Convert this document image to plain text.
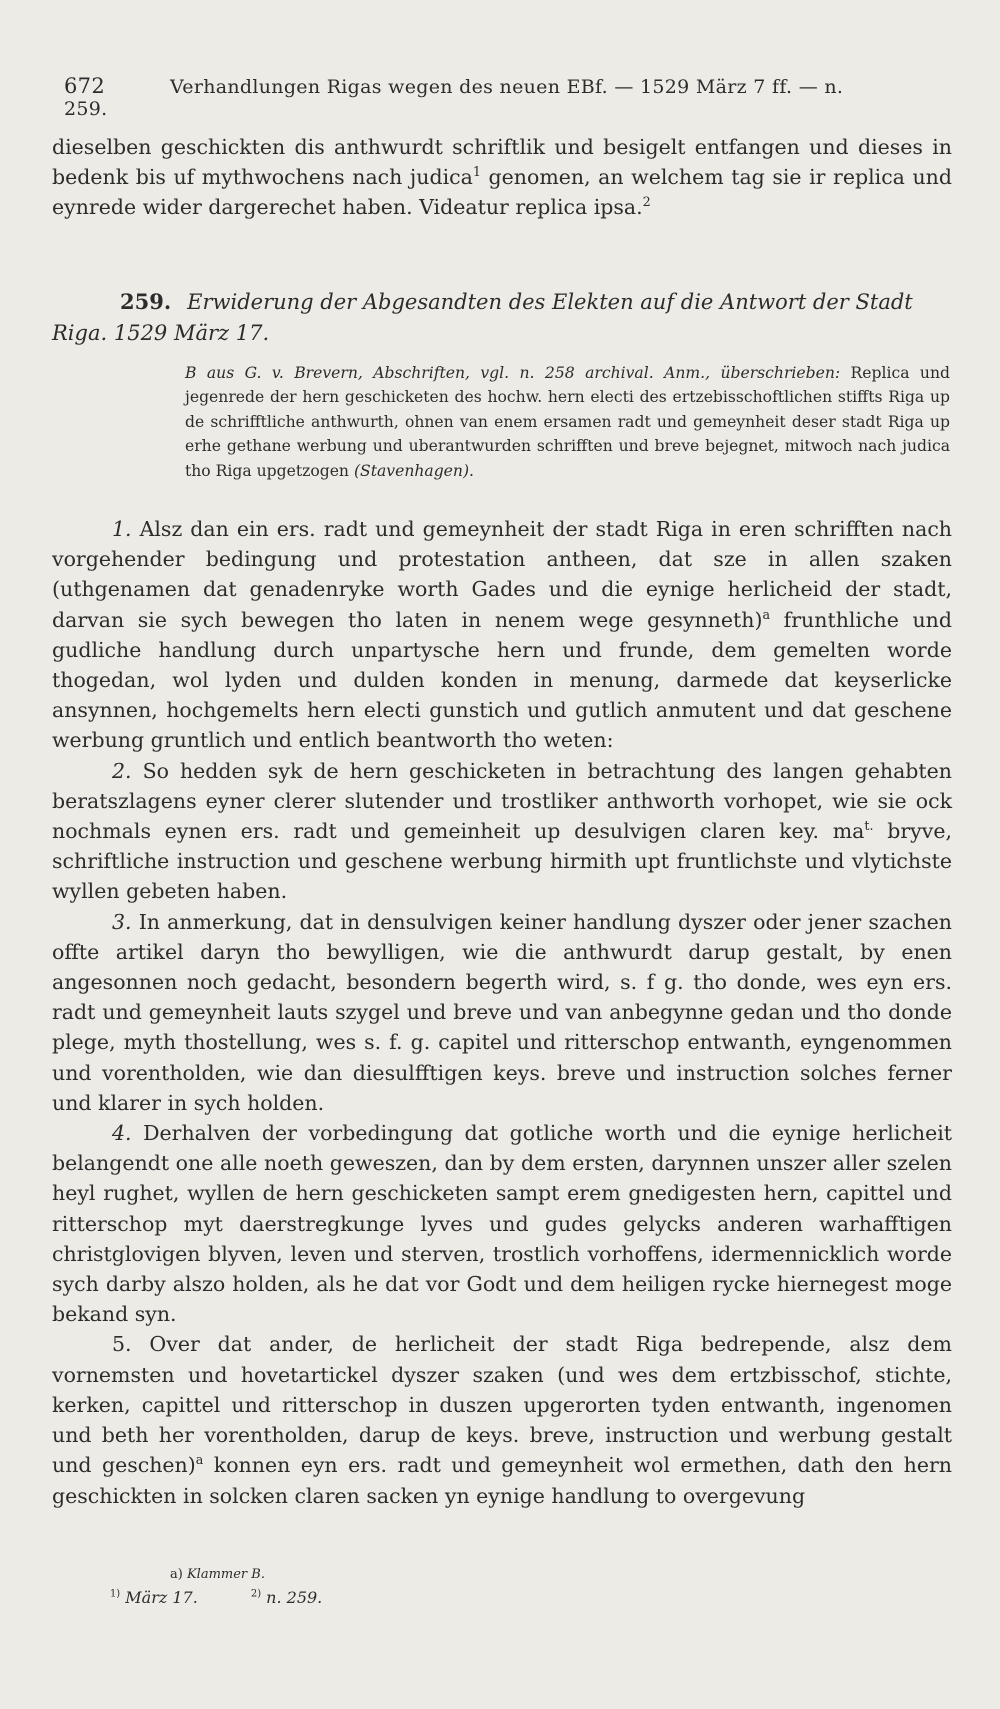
672	Verhandlungen Rigas wegen des neuen EBf. — 1529 März 7 ff. — n. 259.

dieselben geschickten dis anthwurdt schriftlik und besigelt entfangen und dieses in bedenk bis uf mythwochens nach judica$^1$ genomen, an welchem tag sie ir replica und eynrede wider dargerechet haben. Videatur replica ipsa.$^2$

259. Erwiderung der Abgesandten des Elekten auf die Antwort der Stadt Riga. 1529 März 17.

B aus G. v. Brevern, Abschriften, vgl. n. 258 archival. Anm., überschrieben: Replica und jegenrede der hern geschicketen des hochw. hern electi des ertzebisschoftlichen stiffts Riga up de schrifftliche anthwurth, ohnen van enem ersamen radt und gemeynheit deser stadt Riga up erhe gethane werbung und uberantwurden schrifften und breve bejegnet, mitwoch nach judica tho Riga upgetzogen (Stavenhagen).

1. Alsz dan ein ers. radt und gemeynheit der stadt Riga in eren schrifften nach vorgehender bedingung und protestation antheen, dat sze in allen szaken (uthgenamen dat genadenryke worth Gades und die eynige herlicheid der stadt, darvan sie sych bewegen tho laten in nenem wege gesynneth)$^a$ frunthliche und gudliche handlung durch unpartysche hern und frunde, dem gemelten worde thogedan, wol lyden und dulden konden in menung, darmede dat keyserlicke ansynnen, hochgemelts hern electi gunstich und gutlich anmutent und dat geschene werbung gruntlich und entlich beantworth tho weten:

2. So hedden syk de hern geschicketen in betrachtung des langen gehabten beratszlagens eyner clerer slutender und trostliker anthworth vorhopet, wie sie ock nochmals eynen ers. radt und gemeinheit up desulvigen claren key. $ma^{t.}$ bryve, schriftliche instruction und geschene werbung hirmith upt fruntlichste und vlytichste wyllen gebeten haben.

3. In anmerkung, dat in densulvigen keiner handlung dyszer oder jener szachen offte artikel daryn tho bewylligen, wie die anthwurdt darup gestalt, by enen angesonnen noch gedacht, besondern begerth wird, s. f g. tho donde, wes eyn ers. radt und gemeynheit lauts szygel und breve und van anbegynne gedan und tho donde plege, myth thostellung, wes s. f. g. capitel und ritterschop entwanth, eyngenommen und vorentholden, wie dan diesulfftigen keys. breve und instruction solches ferner und klarer in sych holden.

4. Derhalven der vorbedingung dat gotliche worth und die eynige herlicheit belangendt one alle noeth geweszen, dan by dem ersten, darynnen unszer aller szelen heyl rughet, wyllen de hern geschicketen sampt erem gnedigesten hern, capittel und ritterschop myt daerstregkunge lyves und gudes gelycks anderen warhafftigen christglovigen blyven, leven und sterven, trostlich vorhoffens, idermennicklich worde sych darby alszo holden, als he dat vor Godt und dem heiligen rycke hiernegest moge bekand syn.

5. Over dat ander, de herlicheit der stadt Riga bedrepende, alsz dem vornemsten und hovetartickel dyszer szaken (und wes dem ertzbisschof, stichte, kerken, capittel und ritterschop in duszen upgerorten tyden entwanth, ingenomen und beth her vorentholden, darup de keys. breve, instruction und werbung gestalt und geschen)$^a$ konnen eyn ers. radt und gemeynheit wol ermethen, dath den hern geschickten in solcken claren sacken yn eynige handlung to overgevung

a) Klammer B.

$^{1)}$ März 17.	$^{2)}$ n. 259.
